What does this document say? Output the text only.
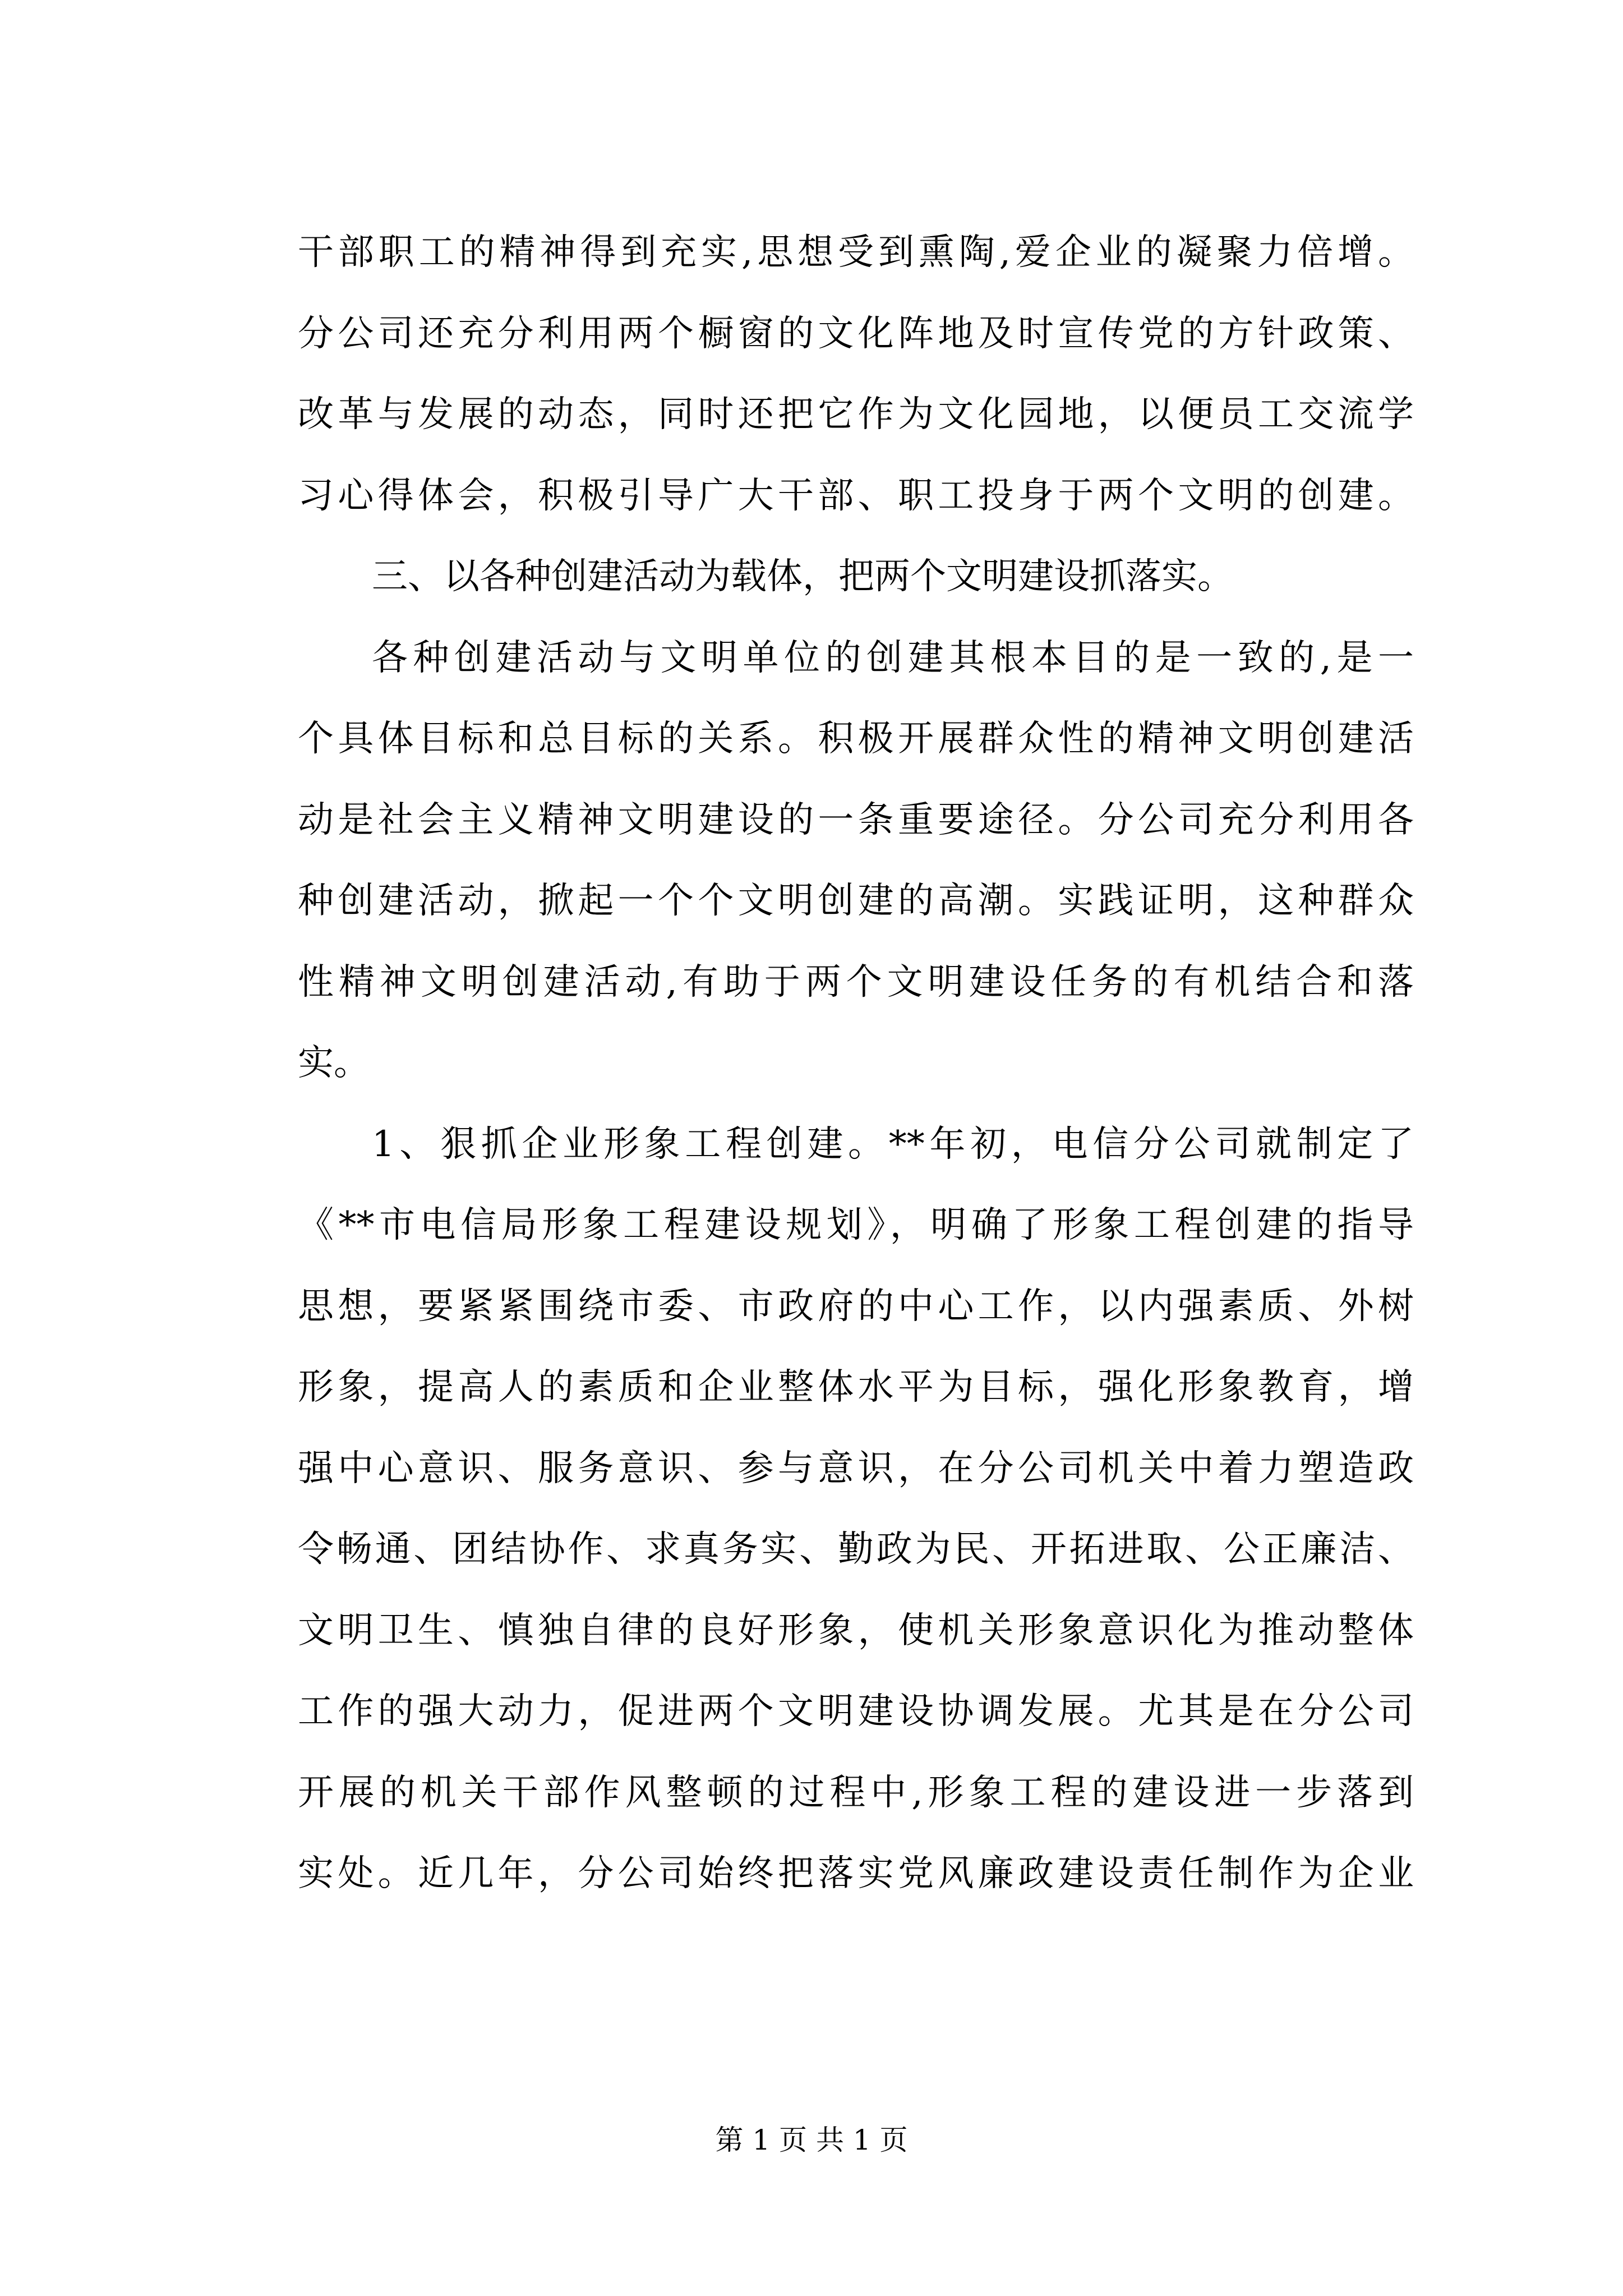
干部职工的精神得到充实,思想受到熏陶,爱企业的凝聚力倍增。
分公司还充分利用两个橱窗的文化阵地及时宣传党的方针政策、
改革与发展的动态，同时还把它作为文化园地，以便员工交流学
习心得体会，积极引导广大干部、职工投身于两个文明的创建。
三、以各种创建活动为载体，把两个文明建设抓落实。
各种创建活动与文明单位的创建其根本目的是一致的,是一
个具体目标和总目标的关系。积极开展群众性的精神文明创建活
动是社会主义精神文明建设的一条重要途径。分公司充分利用各
种创建活动，掀起一个个文明创建的高潮。实践证明，这种群众
性精神文明创建活动,有助于两个文明建设任务的有机结合和落
实。
1、狠抓企业形象工程创建。**年初，电信分公司就制定了
《**市电信局形象工程建设规划》，明确了形象工程创建的指导
思想，要紧紧围绕市委、市政府的中心工作，以内强素质、外树
形象，提高人的素质和企业整体水平为目标，强化形象教育，增
强中心意识、服务意识、参与意识，在分公司机关中着力塑造政
令畅通、团结协作、求真务实、勤政为民、开拓进取、公正廉洁、
文明卫生、慎独自律的良好形象，使机关形象意识化为推动整体
工作的强大动力，促进两个文明建设协调发展。尤其是在分公司
开展的机关干部作风整顿的过程中,形象工程的建设进一步落到
实处。近几年，分公司始终把落实党风廉政建设责任制作为企业
第 1 页 共 1 页
